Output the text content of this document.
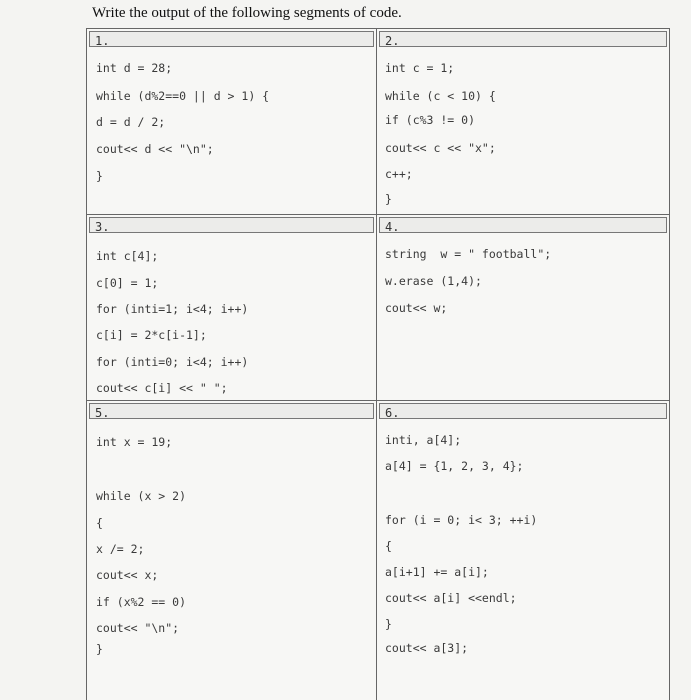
Write the output of the following segments of code.
1.
int d = 28;
while (d%2==0 || d > 1) {
d = d / 2;
cout<< d << "\n";
}
2.
int c = 1;
while (c < 10) {
if (c%3 != 0)
cout<< c << "x";
c++;
}
3.
int c[4];
c[0] = 1;
for (inti=1; i<4; i++)
c[i] = 2*c[i-1];
for (inti=0; i<4; i++)
cout<< c[i] << " ";
4.
string  w = " football";
w.erase (1,4);
cout<< w;
5.
int x = 19;
while (x > 2)
{
x /= 2;
cout<< x;
if (x%2 == 0)
cout<< "\n";
}
6.
inti, a[4];
a[4] = {1, 2, 3, 4};
for (i = 0; i< 3; ++i)
{
a[i+1] += a[i];
cout<< a[i] <<endl;
}
cout<< a[3];
